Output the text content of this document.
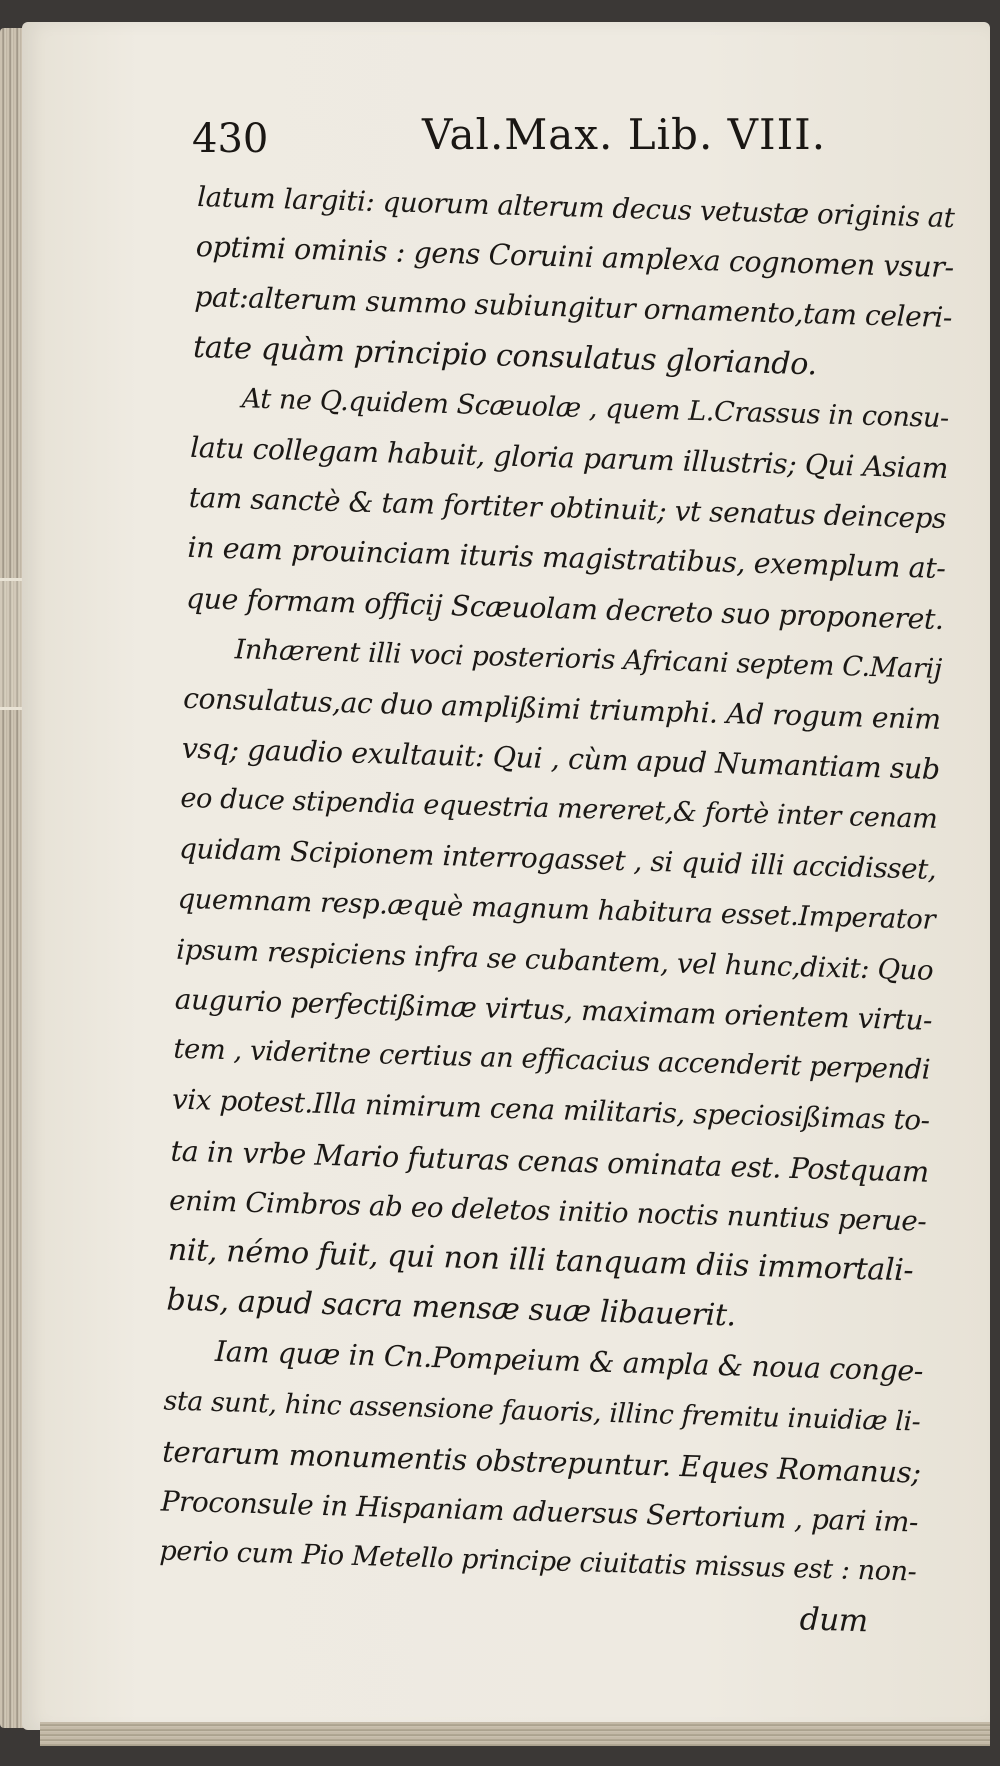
430	Val.Max. Lib. VIII.
latum largiti: quorum alterum decus vetustæ originis at
optimi ominis : gens Coruini amplexa cognomen vsur-
pat:alterum summo subiungitur ornamento,tam celeri-
tate quàm principio consulatus gloriando.
At ne Q.quidem Scæuolæ , quem L.Crassus in consu-
latu collegam habuit, gloria parum illustris; Qui Asiam
tam sanctè & tam fortiter obtinuit; vt senatus deinceps
in eam prouinciam ituris magistratibus, exemplum at-
que formam officij Scæuolam decreto suo proponeret.
Inhærent illi voci posterioris Africani septem C.Marij
consulatus,ac duo amplißimi triumphi. Ad rogum enim
vsq; gaudio exultauit: Qui , cùm apud Numantiam sub
eo duce stipendia equestria mereret,& fortè inter cenam
quidam Scipionem interrogasset , si quid illi accidisset,
quemnam resp.æquè magnum habitura esset.Imperator
ipsum respiciens infra se cubantem, vel hunc,dixit: Quo
augurio perfectißimæ virtus, maximam orientem virtu-
tem , videritne certius an efficacius accenderit perpendi
vix potest.Illa nimirum cena militaris, speciosißimas to-
ta in vrbe Mario futuras cenas ominata est. Postquam
enim Cimbros ab eo deletos initio noctis nuntius perue-
nit, némo fuit, qui non illi tanquam diis immortali-
bus, apud sacra mensæ suæ libauerit.
Iam quæ in Cn.Pompeium & ampla & noua conge-
sta sunt, hinc assensione fauoris, illinc fremitu inuidiæ li-
terarum monumentis obstrepuntur. Eques Romanus;
Proconsule in Hispaniam aduersus Sertorium , pari im-
perio cum Pio Metello principe ciuitatis missus est : non-
dum
